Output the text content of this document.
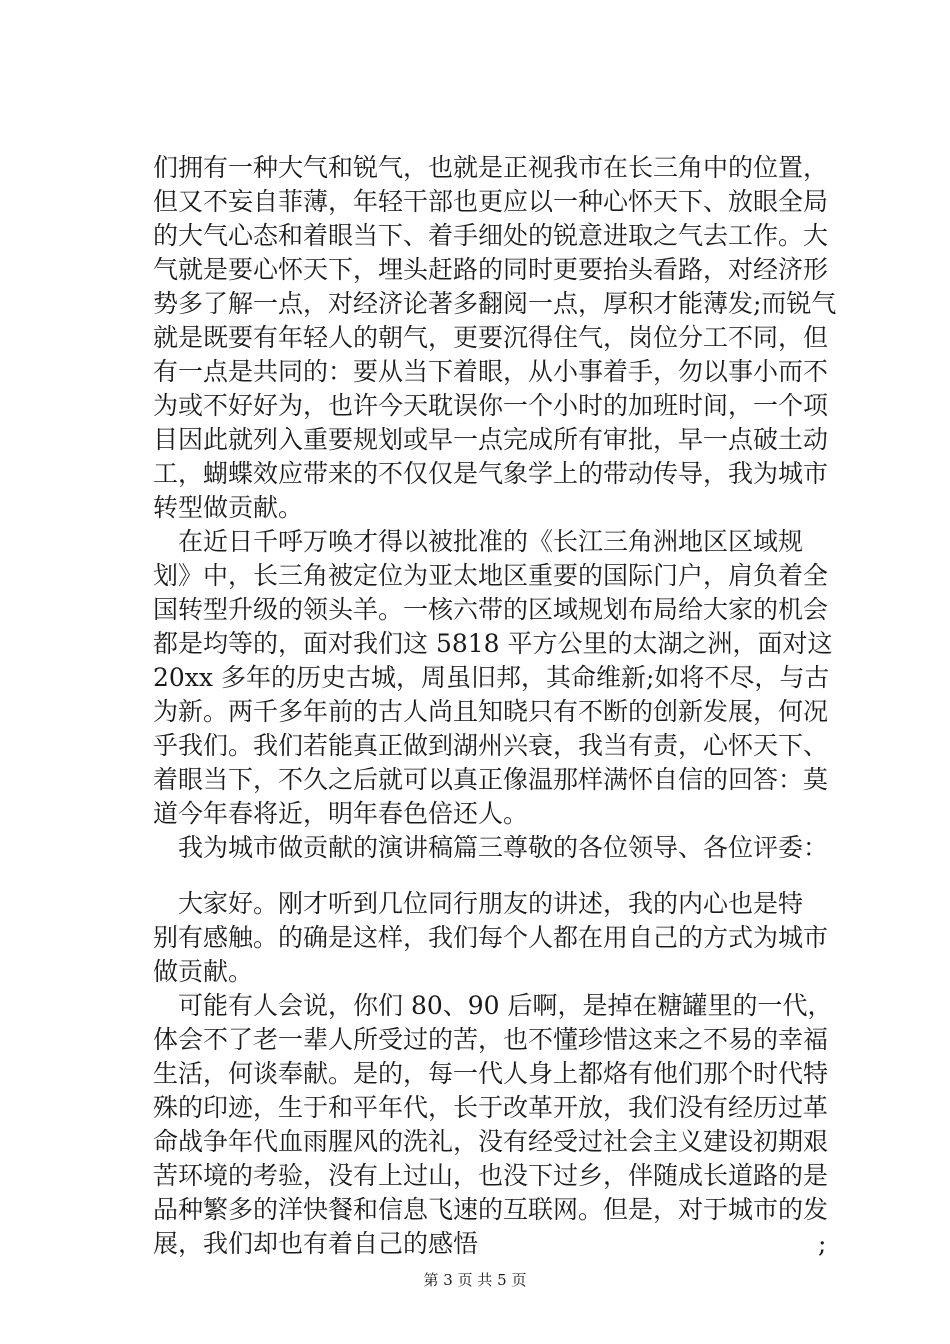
们拥有一种大气和锐气，也就是正视我市在长三角中的位置，
但又不妄自菲薄，年轻干部也更应以一种心怀天下、放眼全局
的大气心态和着眼当下、着手细处的锐意进取之气去工作。大
气就是要心怀天下，埋头赶路的同时更要抬头看路，对经济形
势多了解一点，对经济论著多翻阅一点，厚积才能薄发;而锐气
就是既要有年轻人的朝气，更要沉得住气，岗位分工不同，但
有一点是共同的：要从当下着眼，从小事着手，勿以事小而不
为或不好好为，也许今天耽误你一个小时的加班时间，一个项
目因此就列入重要规划或早一点完成所有审批，早一点破土动
工，蝴蝶效应带来的不仅仅是气象学上的带动传导，我为城市
转型做贡献。
在近日千呼万唤才得以被批准的《长江三角洲地区区域规
划》中，长三角被定位为亚太地区重要的国际门户，肩负着全
国转型升级的领头羊。一核六带的区域规划布局给大家的机会
都是均等的，面对我们这 5818 平方公里的太湖之洲，面对这
20xx 多年的历史古城，周虽旧邦，其命维新;如将不尽，与古
为新。两千多年前的古人尚且知晓只有不断的创新发展，何况
乎我们。我们若能真正做到湖州兴衰，我当有责，心怀天下、
着眼当下，不久之后就可以真正像温那样满怀自信的回答：莫
道今年春将近，明年春色倍还人。
我为城市做贡献的演讲稿篇三尊敬的各位领导、各位评委：
大家好。刚才听到几位同行朋友的讲述，我的内心也是特
别有感触。的确是这样，我们每个人都在用自己的方式为城市
做贡献。
可能有人会说，你们 80、90 后啊，是掉在糖罐里的一代，
体会不了老一辈人所受过的苦，也不懂珍惜这来之不易的幸福
生活，何谈奉献。是的，每一代人身上都烙有他们那个时代特
殊的印迹，生于和平年代，长于改革开放，我们没有经历过革
命战争年代血雨腥风的洗礼，没有经受过社会主义建设初期艰
苦环境的考验，没有上过山，也没下过乡，伴随成长道路的是
品种繁多的洋快餐和信息飞速的互联网。但是，对于城市的发
展，我们却也有着自己的感悟	;
第 3 页 共 5 页
